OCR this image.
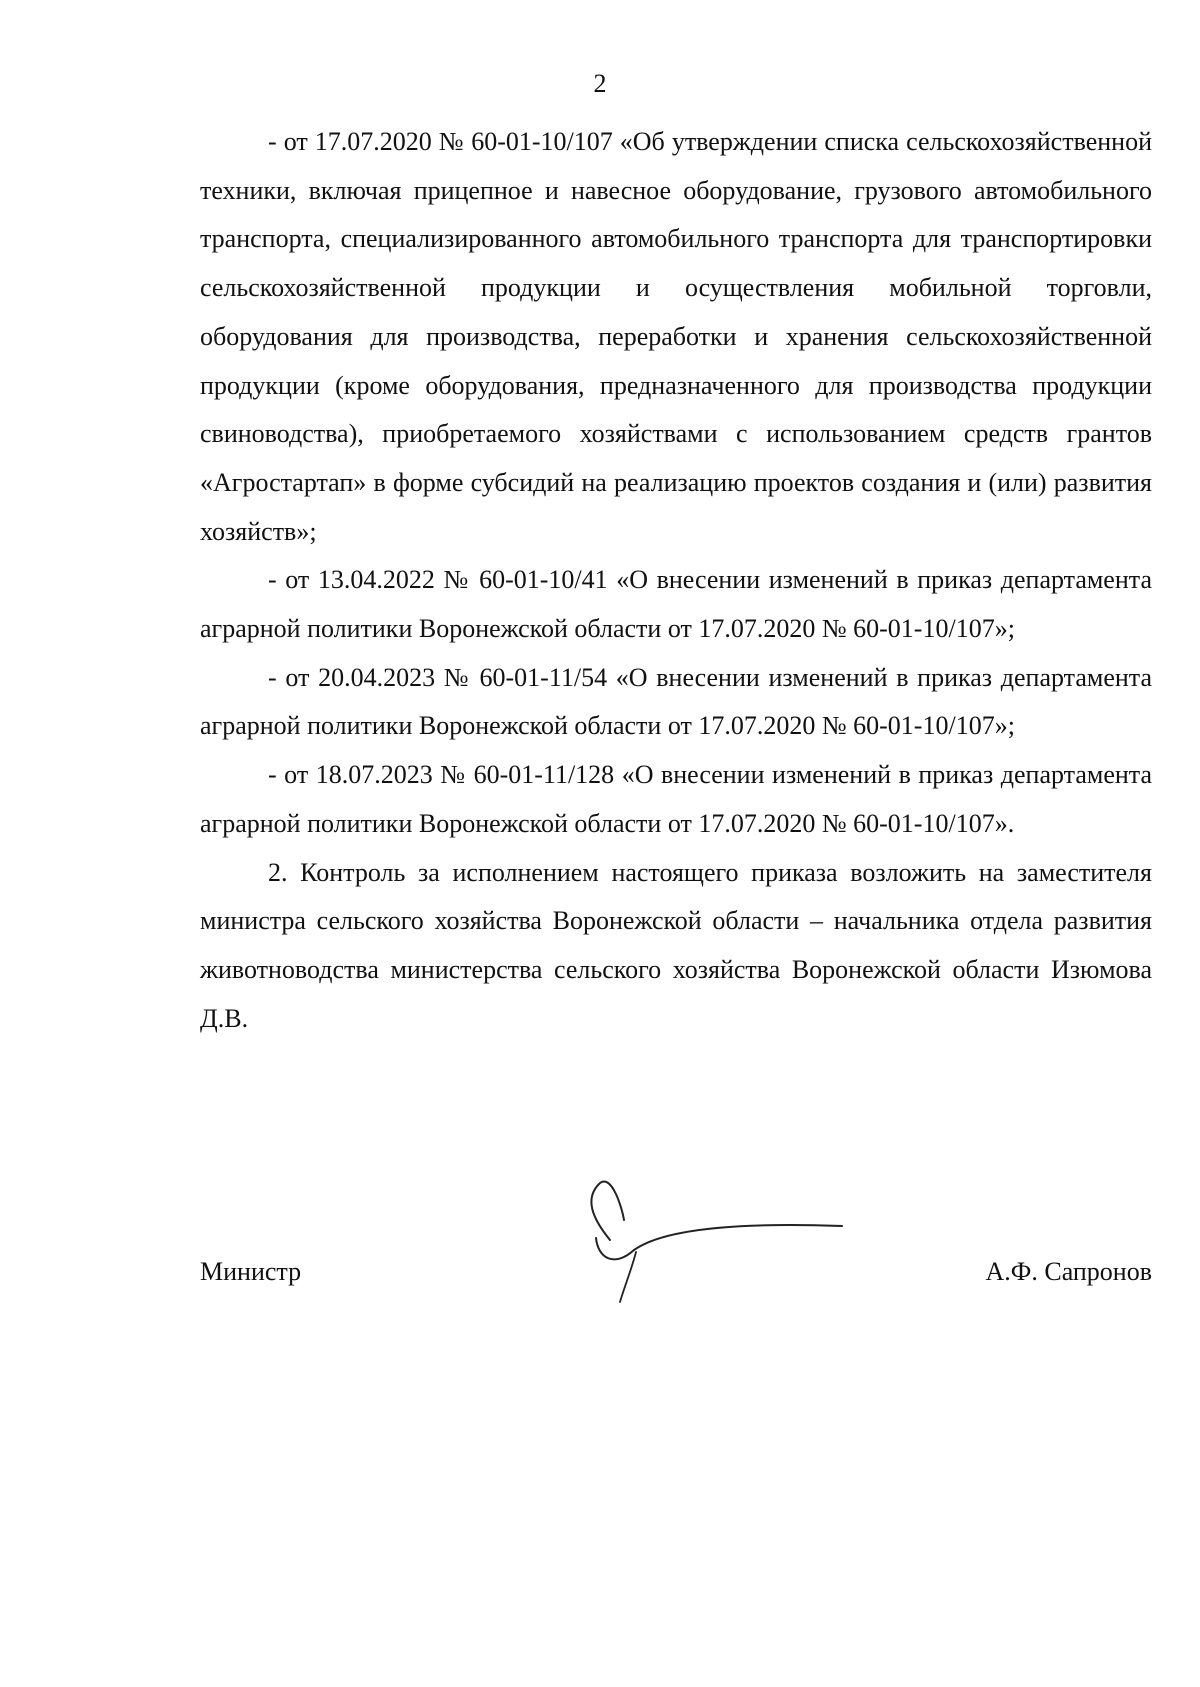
2

- от 17.07.2020 № 60-01-10/107 «Об утверждении списка сельскохозяйственной техники, включая прицепное и навесное оборудование, грузового автомобильного транспорта, специализированного автомобильного транспорта для транспортировки сельскохозяйственной продукции и осуществления мобильной торговли, оборудования для производства, переработки и хранения сельскохозяйственной продукции (кроме оборудования, предназначенного для производства продукции свиноводства), приобретаемого хозяйствами с использованием средств грантов «Агростартап» в форме субсидий на реализацию проектов создания и (или) развития хозяйств»;

- от 13.04.2022 № 60-01-10/41 «О внесении изменений в приказ департамента аграрной политики Воронежской области от 17.07.2020 № 60-01-10/107»;

- от 20.04.2023 № 60-01-11/54 «О внесении изменений в приказ департамента аграрной политики Воронежской области от 17.07.2020 № 60-01-10/107»;

- от 18.07.2023 № 60-01-11/128 «О внесении изменений в приказ департамента аграрной политики Воронежской области от 17.07.2020 № 60-01-10/107».

2. Контроль за исполнением настоящего приказа возложить на заместителя министра сельского хозяйства Воронежской области – начальника отдела развития животноводства министерства сельского хозяйства Воронежской области Изюмова Д.В.

Министр	А.Ф. Сапронов
